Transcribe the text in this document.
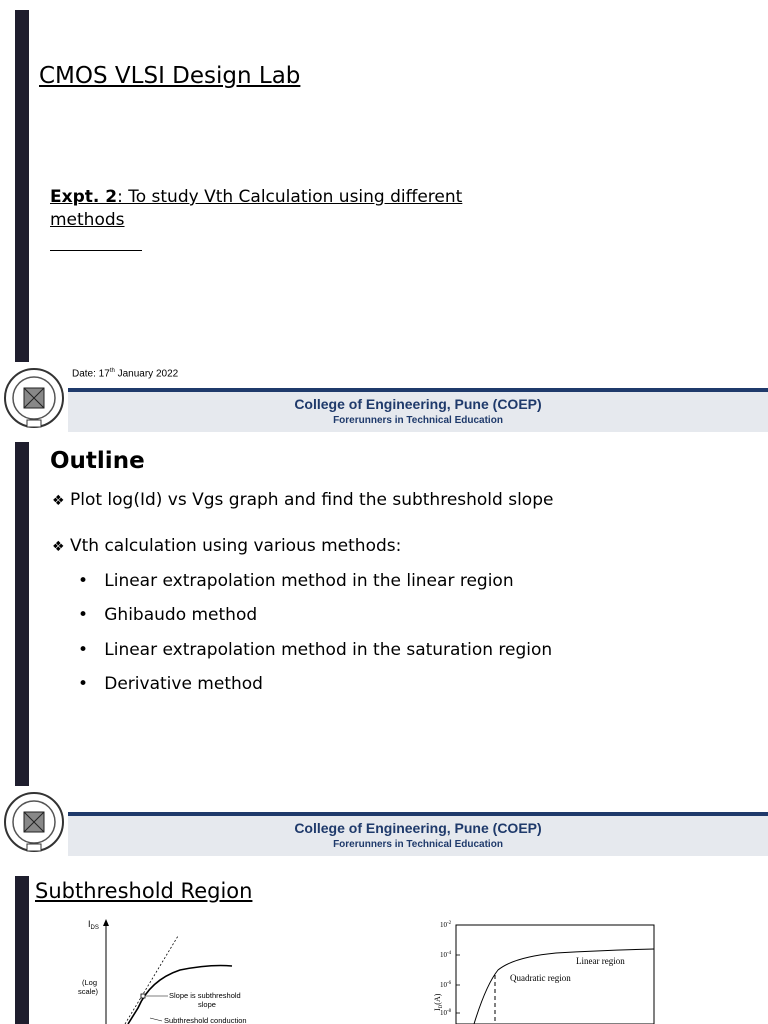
CMOS VLSI Design Lab
Expt. 2: To study Vth Calculation using different
methods
Date: 17th January 2022
College of Engineering, Pune (COEP)
Forerunners in Technical Education
Outline
❖ Plot log(Id) vs Vgs graph and find the subthreshold slope
❖ Vth calculation using various methods:
• Linear extrapolation method in the linear region
• Ghibaudo method
• Linear extrapolation method in the saturation region
• Derivative method
College of Engineering, Pune (COEP)
Forerunners in Technical Education
Subthreshold Region
$I_{DS}$
(Log
scale)	Slope is subthreshold
slope
Subthreshold conduction
$10^{-2}$
$10^{-4}$
$10^{-6}$
$10^{-8}$
$I_D(A)$
Linear region
Quadratic region
